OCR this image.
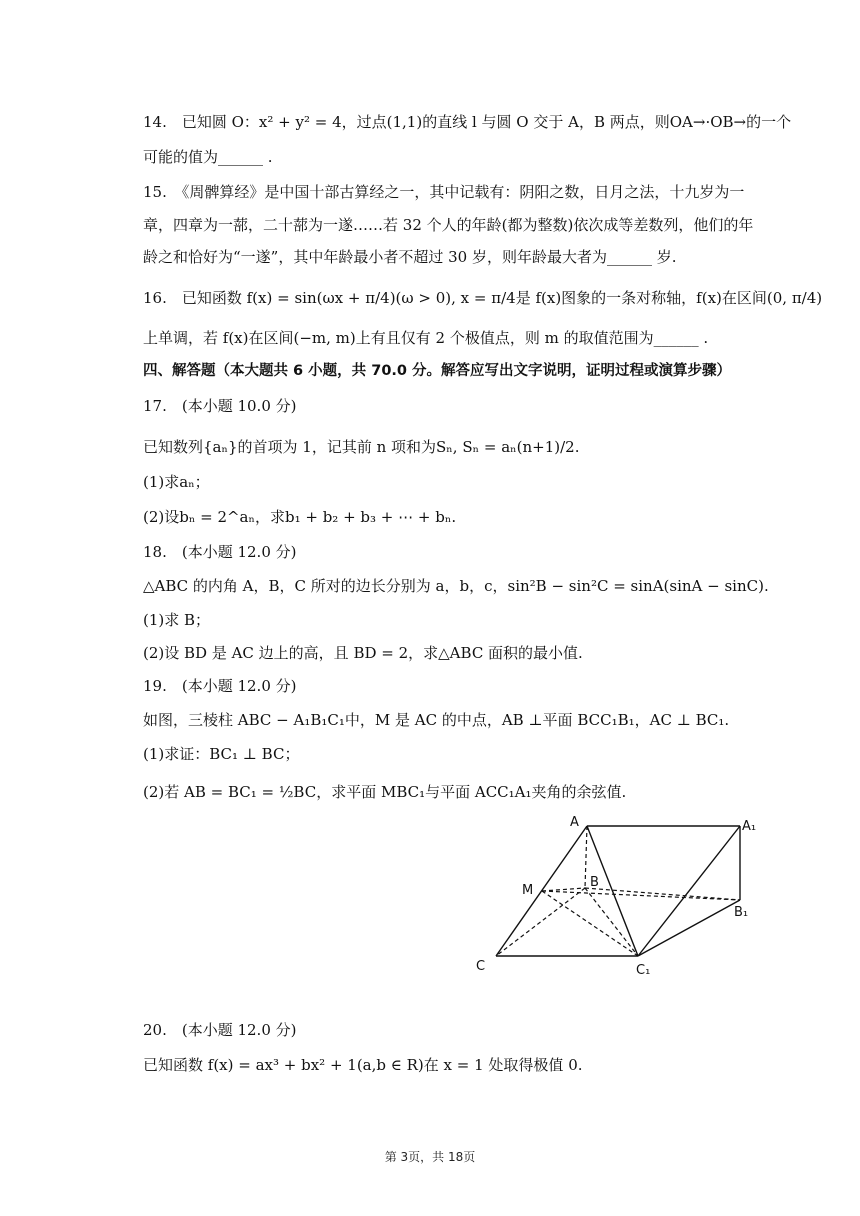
14.　已知圆 O：x² + y² = 4，过点(1,1)的直线 l 与圆 O 交于 A，B 两点，则OA→·OB→的一个
可能的值为______ .
15.　《周髀算经》是中国十部古算经之一，其中记载有：阴阳之数，日月之法，十九岁为一
章，四章为一蔀，二十蔀为一遂……若 32 个人的年龄(都为整数)依次成等差数列，他们的年
龄之和恰好为“一遂”，其中年龄最小者不超过 30 岁，则年龄最大者为______ 岁.
16.　已知函数 f(x) = sin(ωx + π/4)(ω > 0), x = π/4是 f(x)图象的一条对称轴，f(x)在区间(0, π/4)
上单调，若 f(x)在区间(−m, m)上有且仅有 2 个极值点，则 m 的取值范围为______ .
四、解答题（本大题共 6 小题，共 70.0 分。解答应写出文字说明，证明过程或演算步骤）
17.　(本小题 10.0 分)
已知数列{aₙ}的首项为 1，记其前 n 项和为Sₙ, Sₙ = aₙ(n+1)/2.
(1)求aₙ；
(2)设bₙ = 2^aₙ，求b₁ + b₂ + b₃ + ⋯ + bₙ.
18.　(本小题 12.0 分)
△ABC 的内角 A，B，C 所对的边长分别为 a，b，c，sin²B − sin²C = sinA(sinA − sinC).
(1)求 B；
(2)设 BD 是 AC 边上的高，且 BD = 2，求△ABC 面积的最小值.
19.　(本小题 12.0 分)
如图，三棱柱 ABC − A₁B₁C₁中，M 是 AC 的中点，AB ⊥平面 BCC₁B₁，AC ⊥ BC₁.
(1)求证：BC₁ ⊥ BC；
(2)若 AB = BC₁ = ½BC，求平面 MBC₁与平面 ACC₁A₁夹角的余弦值.
A	A₁
M
B
B₁
C	C₁
20.　(本小题 12.0 分)
已知函数 f(x) = ax³ + bx² + 1(a,b ∈ R)在 x = 1 处取得极值 0.
第 3页，共 18页
